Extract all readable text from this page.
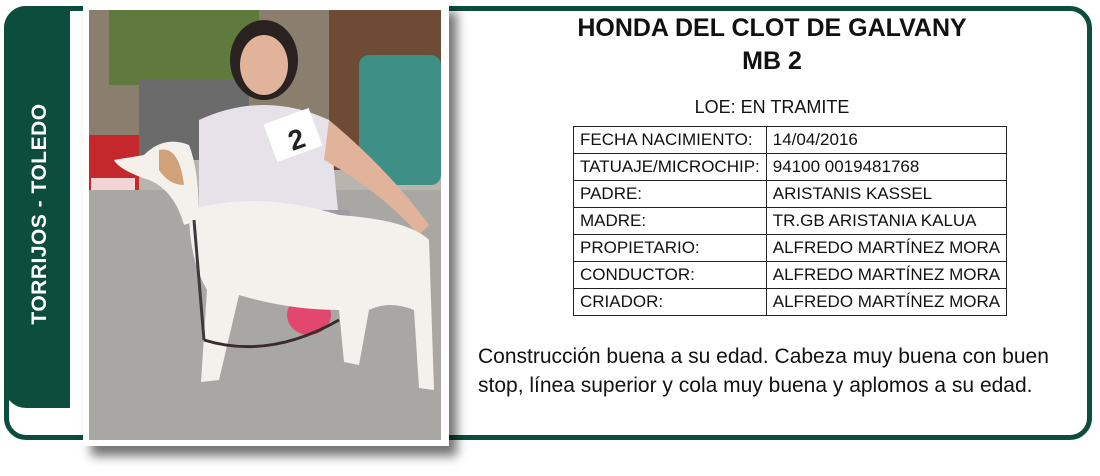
TORRIJOS - TOLEDO	2
HONDA DEL CLOT DE GALVANY
MB 2
LOE: EN TRAMITE
FECHA NACIMIENTO:	14/04/2016
TATUAJE/MICROCHIP:	94100 0019481768
PADRE:	ARISTANIS KASSEL
MADRE:	TR.GB ARISTANIA KALUA
PROPIETARIO:	ALFREDO MARTÍNEZ MORA
CONDUCTOR:	ALFREDO MARTÍNEZ MORA
CRIADOR:	ALFREDO MARTÍNEZ MORA
Construcción buena a su edad. Cabeza muy buena con buen stop, línea superior y cola muy buena y aplomos a su edad.
